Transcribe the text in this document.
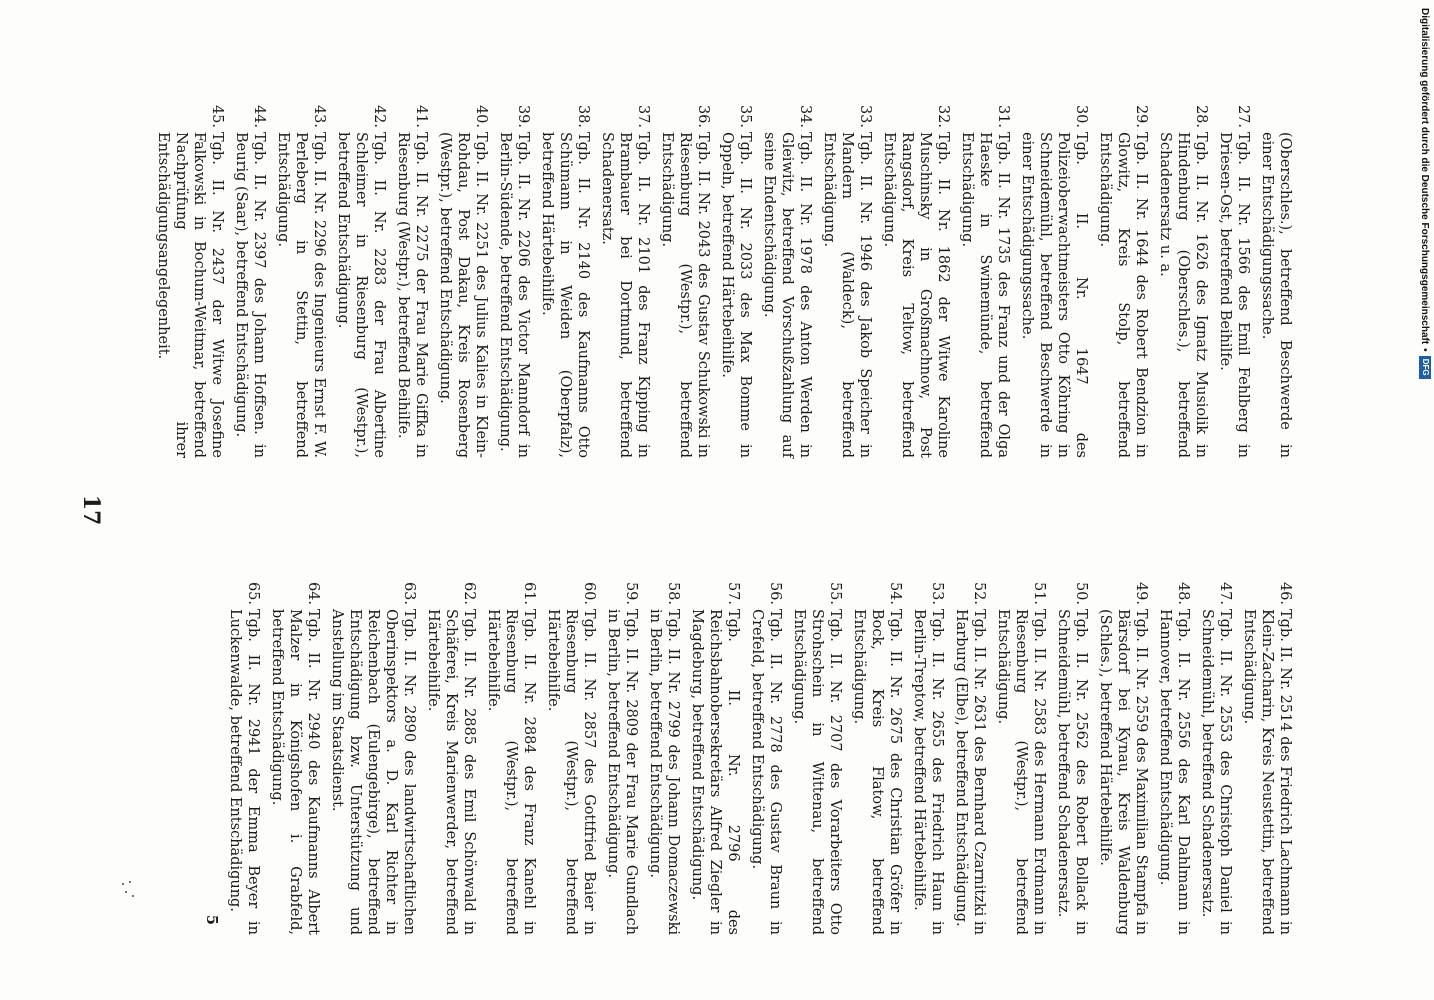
(Oberschles.), betreffend Beschwerde in einer Entschädigungssache.
27.
Tgb. II. Nr. 1566 des Emil Fehlberg in Driesen-Ost, betreffend Beihilfe.
28.
Tgb. II. Nr. 1626 des Ignatz Musiolik in Hindenburg (Oberschles.), betreffend Schadenersatz u. a.
29.
Tgb. II. Nr. 1644 des Robert Bendzion in Glowitz, Kreis Stolp, betreffend Entschädigung.
30.
Tgb. II. Nr. 1647 des Polizeioberwachtmeisters Otto Köhring in Schneidemühl, betreffend Beschwerde in einer Entschädigungssache.
31.
Tgb. II. Nr. 1735 des Franz und der Olga Haeske in Swinemünde, betreffend Entschädigung.
32.
Tgb. II. Nr. 1862 der Witwe Karoline Muschinsky in Großmachnow, Post Rangsdorf, Kreis Teltow, betreffend Entschädigung.
33.
Tgb. II. Nr. 1946 des Jakob Speicher in Mandern (Waldeck), betreffend Entschädigung.
34.
Tgb. II. Nr. 1978 des Anton Werden in Gleiwitz, betreffend Vorschußzahlung auf seine Endentschädigung.
35.
Tgb. II. Nr. 2033 des Max Bomme in Oppeln, betreffend Härtebeihilfe.
36.
Tgb. II. Nr. 2043 des Gustav Schukowski in Riesenburg (Westpr.), betreffend Entschädigung.
37.
Tgb. II. Nr. 2101 des Franz Kipping in Brambauer bei Dortmund, betreffend Schadenersatz.
38.
Tgb. II. Nr. 2140 des Kaufmanns Otto Schümann in Weiden (Oberpfalz), betreffend Härtebeihilfe.
39.
Tgb. II. Nr. 2206 des Victor Manndorf in Berlin-Südende, betreffend Entschädigung.
40.
Tgb. II. Nr. 2251 des Julius Kalies in Klein-Rohdau, Post Dakau, Kreis Rosenberg (Westpr.), betreffend Entschädigung.
41.
Tgb. II. Nr. 2275 der Frau Marie Giffka in Riesenburg (Westpr.), betreffend Beihilfe.
42.
Tgb. II. Nr. 2283 der Frau Albertine Schleimer in Riesenburg (Westpr.), betreffend Entschädigung.
43.
Tgb. II. Nr. 2296 des Ingenieurs Ernst F. W. Perleberg in Stettin, betreffend Entschädigung.
44.
Tgb. II. Nr. 2397 des Johann Hoffsen. in Beurig (Saar), betreffend Entschädigung.
45.
Tgb. II. Nr. 2437 der Witwe Josefine Falkowski in Bochum-Weitmar, betreffend Nachprüfung ihrer Entschädigungsangelegenheit.
17
46.
Tgb. II. Nr. 2514 des Friedrich Lachmann in Klein-Zacharin, Kreis Neustettin, betreffend Entschädigung.
47.
Tgb. II. Nr. 2553 des Christoph Daniel in Schneidemühl, betreffend Schadenersatz.
48.
Tgb. II. Nr. 2556 des Karl Dahlmann in Hannover, betreffend Entschädigung.
49.
Tgb. II. Nr. 2559 des Maximilian Stampfa in Bärsdorf bei Kynau, Kreis Waldenburg (Schles.), betreffend Härtebeihilfe.
50.
Tgb. II. Nr. 2562 des Robert Bollack in Schneidemühl, betreffend Schadenersatz.
51.
Tgb. II. Nr. 2583 des Hermann Erdmann in Riesenburg (Westpr.), betreffend Entschädigung.
52.
Tgb. II. Nr. 2631 des Bernhard Czarnitzki in Harburg (Elbe), betreffend Entschädigung.
53.
Tgb. II. Nr. 2655 des Friedrich Haun in Berlin-Treptow, betreffend Härtebeihilfe.
54.
Tgb. II. Nr. 2675 des Christian Gröfer in Bock, Kreis Flatow, betreffend Entschädigung.
55.
Tgb. II. Nr. 2707 des Vorarbeiters Otto Strohschein in Wittenau, betreffend Entschädigung.
56.
Tgb. II. Nr. 2778 des Gustav Braun in Crefeld, betreffend Entschädigung.
57.
Tgb. II. Nr. 2796 des Reichsbahnobersekretärs Alfred Ziegler in Magdeburg, betreffend Entschädigung.
58.
Tgb. II. Nr. 2799 des Johann Domaczewski in Berlin, betreffend Entschädigung.
59.
Tgb. II. Nr. 2809 der Frau Marie Gundlach in Berlin, betreffend Entschädigung.
60.
Tgb. II. Nr. 2857 des Gottfried Baier in Riesenburg (Westpr.), betreffend Härtebeihilfe.
61.
Tgb. II. Nr. 2884 des Franz Kanehl in Riesenburg (Westpr.), betreffend Härtebeihilfe.
62.
Tgb. II. Nr. 2885 des Emil Schönwald in Schäferei, Kreis Marienwerder, betreffend Härtebeihilfe.
63.
Tgb. II. Nr. 2890 des landwirtschaftlichen Oberinspektors a. D. Karl Richter in Reichenbach (Eulengebirge), betreffend Entschädigung bzw. Unterstützung und Anstellung im Staatsdienst.
64.
Tgb. II. Nr. 2940 des Kaufmanns Albert Malzer in Königshofen i. Grabfeld, betreffend Entschädigung.
65.
Tgb. II. Nr. 2941 der Emma Beyer in Luckenwalde, betreffend Entschädigung.
5
Digitalisierung gefördert durch die Deutsche Forschungsgemeinschaft
•
DFG
